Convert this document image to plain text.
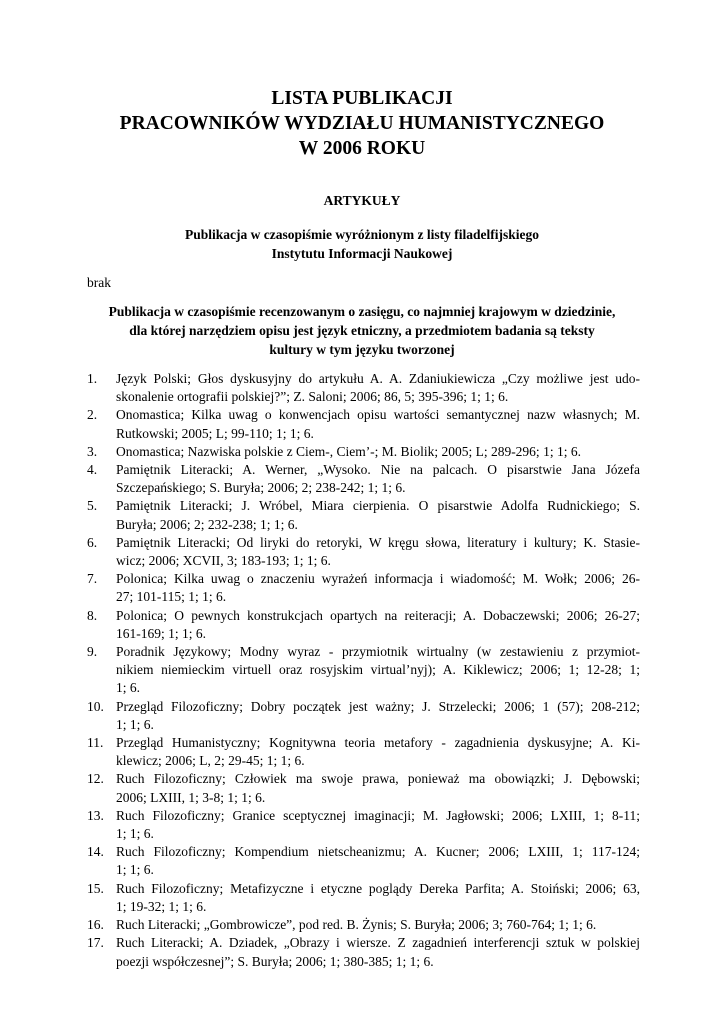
LISTA PUBLIKACJI
PRACOWNIKÓW WYDZIAŁU HUMANISTYCZNEGO
W 2006 ROKU
ARTYKUŁY
Publikacja w czasopiśmie wyróżnionym z listy filadelfijskiego
Instytutu Informacji Naukowej
brak
Publikacja w czasopiśmie recenzowanym o zasięgu, co najmniej krajowym w dziedzinie,
dla której narzędziem opisu jest język etniczny, a przedmiotem badania są teksty
kultury w tym języku tworzonej
1. Język Polski; Głos dyskusyjny do artykułu A. A. Zdaniukiewicza „Czy możliwe jest udo-
skonalenie ortografii polskiej?”; Z. Saloni; 2006; 86, 5; 395-396; 1; 1; 6.
2. Onomastica; Kilka uwag o konwencjach opisu wartości semantycznej nazw własnych; M.
Rutkowski; 2005; L; 99-110; 1; 1; 6.
3. Onomastica; Nazwiska polskie z Ciem-, Ciem’-; M. Biolik; 2005; L; 289-296; 1; 1; 6.
4. Pamiętnik Literacki; A. Werner, „Wysoko. Nie na palcach. O pisarstwie Jana Józefa
Szczepańskiego; S. Buryła; 2006; 2; 238-242; 1; 1; 6.
5. Pamiętnik Literacki; J. Wróbel, Miara cierpienia. O pisarstwie Adolfa Rudnickiego; S.
Buryła; 2006; 2; 232-238; 1; 1; 6.
6. Pamiętnik Literacki; Od liryki do retoryki, W kręgu słowa, literatury i kultury; K. Stasie-
wicz; 2006; XCVII, 3; 183-193; 1; 1; 6.
7. Polonica; Kilka uwag o znaczeniu wyrażeń informacja i wiadomość; M. Wołk; 2006; 26-
27; 101-115; 1; 1; 6.
8. Polonica; O pewnych konstrukcjach opartych na reiteracji; A. Dobaczewski; 2006; 26-27;
161-169; 1; 1; 6.
9. Poradnik Językowy; Modny wyraz - przymiotnik wirtualny (w zestawieniu z przymiot-
nikiem niemieckim virtuell oraz rosyjskim virtual’nyj); A. Kiklewicz; 2006; 1; 12-28; 1;
1; 6.
10. Przegląd Filozoficzny; Dobry początek jest ważny; J. Strzelecki; 2006; 1 (57); 208-212;
1; 1; 6.
11. Przegląd Humanistyczny; Kognitywna teoria metafory - zagadnienia dyskusyjne; A. Ki-
klewicz; 2006; L, 2; 29-45; 1; 1; 6.
12. Ruch Filozoficzny; Człowiek ma swoje prawa, ponieważ ma obowiązki; J. Dębowski;
2006; LXIII, 1; 3-8; 1; 1; 6.
13. Ruch Filozoficzny; Granice sceptycznej imaginacji; M. Jagłowski; 2006; LXIII, 1; 8-11;
1; 1; 6.
14. Ruch Filozoficzny; Kompendium nietscheanizmu; A. Kucner; 2006; LXIII, 1; 117-124;
1; 1; 6.
15. Ruch Filozoficzny; Metafizyczne i etyczne poglądy Dereka Parfita; A. Stoiński; 2006; 63,
1; 19-32; 1; 1; 6.
16. Ruch Literacki; „Gombrowicze”, pod red. B. Żynis; S. Buryła; 2006; 3; 760-764; 1; 1; 6.
17. Ruch Literacki; A. Dziadek, „Obrazy i wiersze. Z zagadnień interferencji sztuk w polskiej
poezji współczesnej”; S. Buryła; 2006; 1; 380-385; 1; 1; 6.
